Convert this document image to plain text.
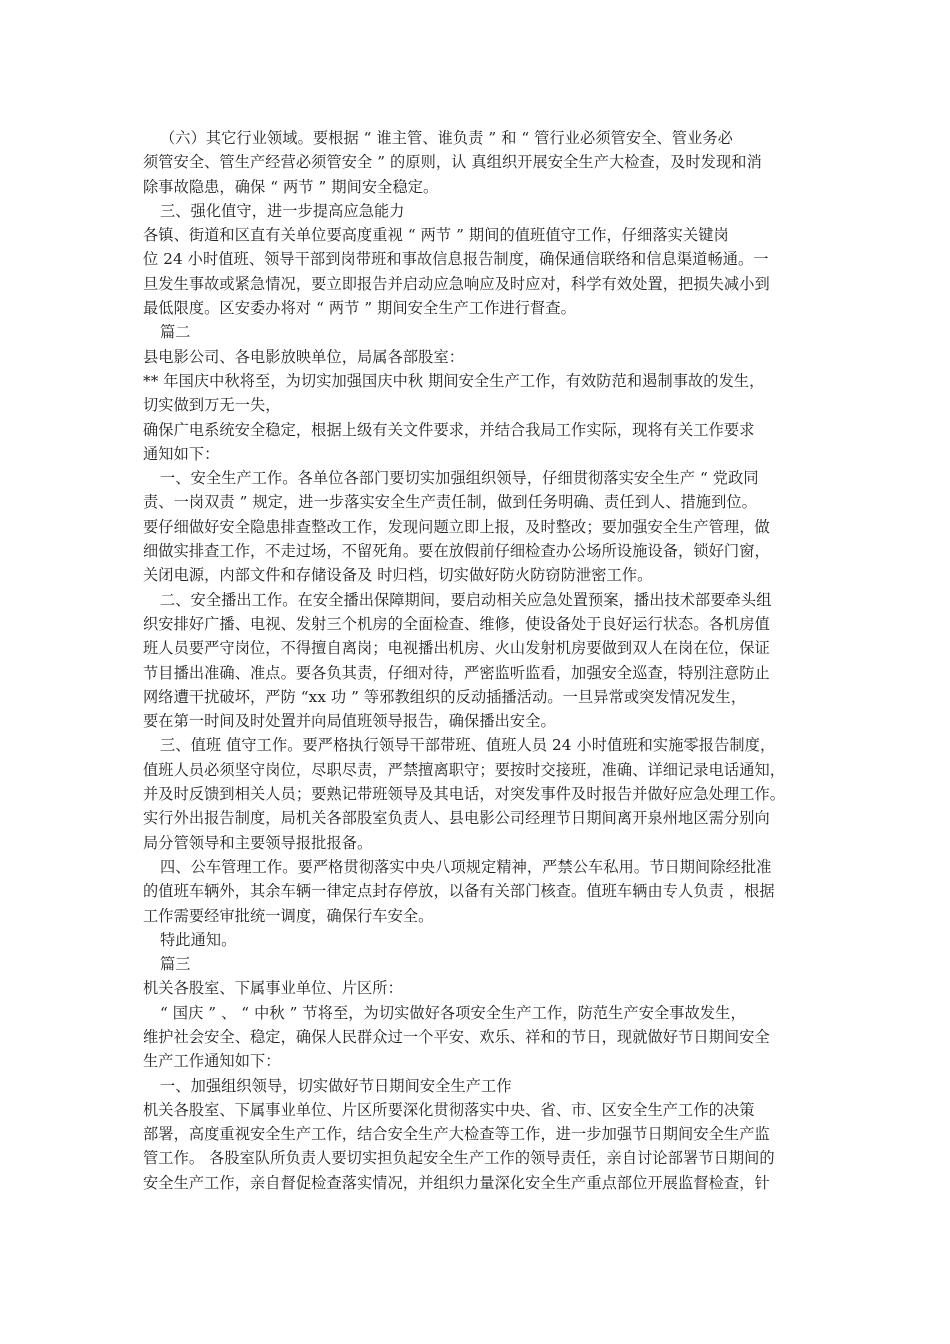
（六）其它行业领域。要根据 “ 谁主管、谁负责 ” 和 “ 管行业必须管安全、管业务必
须管安全、管生产经营必须管安全 ” 的原则，认 真组织开展安全生产大检查，及时发现和消
除事故隐患，确保 “ 两节 ” 期间安全稳定。
三、强化值守，进一步提高应急能力
各镇、街道和区直有关单位要高度重视 “ 两节 ” 期间的值班值守工作，仔细落实关键岗
位 24 小时值班、领导干部到岗带班和事故信息报告制度，确保通信联络和信息渠道畅通。一
旦发生事故或紧急情况，要立即报告并启动应急响应及时应对，科学有效处置，把损失减小到
最低限度。区安委办将对 “ 两节 ” 期间安全生产工作进行督查。
篇二
县电影公司、各电影放映单位，局属各部股室：
** 年国庆中秋将至，为切实加强国庆中秋 期间安全生产工作，有效防范和遏制事故的发生，
切实做到万无一失，
确保广电系统安全稳定，根据上级有关文件要求，并结合我局工作实际，现将有关工作要求
通知如下：
一、安全生产工作。各单位各部门要切实加强组织领导，仔细贯彻落实安全生产 “ 党政同
责、一岗双责 ” 规定，进一步落实安全生产责任制，做到任务明确、责任到人、措施到位。
要仔细做好安全隐患排查整改工作，发现问题立即上报，及时整改；要加强安全生产管理，做
细做实排查工作，不走过场，不留死角。要在放假前仔细检查办公场所设施设备，锁好门窗，
关闭电源，内部文件和存储设备及 时归档，切实做好防火防窃防泄密工作。
二、安全播出工作。在安全播出保障期间，要启动相关应急处置预案，播出技术部要牵头组
织安排好广播、电视、发射三个机房的全面检查、维修，使设备处于良好运行状态。各机房值
班人员要严守岗位，不得擅自离岗；电视播出机房、火山发射机房要做到双人在岗在位，保证
节目播出准确、准点。要各负其责，仔细对待，严密监听监看，加强安全巡查，特别注意防止
网络遭干扰破坏，严防 “xx 功 ” 等邪教组织的反动插播活动。一旦异常或突发情况发生，
要在第一时间及时处置并向局值班领导报告，确保播出安全。
三、值班 值守工作。要严格执行领导干部带班、值班人员 24 小时值班和实施零报告制度，
值班人员必须坚守岗位，尽职尽责，严禁擅离职守；要按时交接班，准确、详细记录电话通知，
并及时反馈到相关人员；要熟记带班领导及其电话，对突发事件及时报告并做好应急处理工作。
实行外出报告制度，局机关各部股室负责人、县电影公司经理节日期间离开泉州地区需分别向
局分管领导和主要领导报批报备。
四、公车管理工作。要严格贯彻落实中央八项规定精神，严禁公车私用。节日期间除经批准
的值班车辆外，其余车辆一律定点封存停放，以备有关部门核查。值班车辆由专人负责 ，根据
工作需要经审批统一调度，确保行车安全。
特此通知。
篇三
机关各股室、下属事业单位、片区所：
“ 国庆 ” 、 “ 中秋 ” 节将至，为切实做好各项安全生产工作，防范生产安全事故发生，
维护社会安全、稳定，确保人民群众过一个平安、欢乐、祥和的节日，现就做好节日期间安全
生产工作通知如下：
一、加强组织领导，切实做好节日期间安全生产工作
机关各股室、下属事业单位、片区所要深化贯彻落实中央、省、市、区安全生产工作的决策
部署，高度重视安全生产工作，结合安全生产大检查等工作，进一步加强节日期间安全生产监
管工作。 各股室队所负责人要切实担负起安全生产工作的领导责任，亲自讨论部署节日期间的
安全生产工作，亲自督促检查落实情况，并组织力量深化安全生产重点部位开展监督检查，针
